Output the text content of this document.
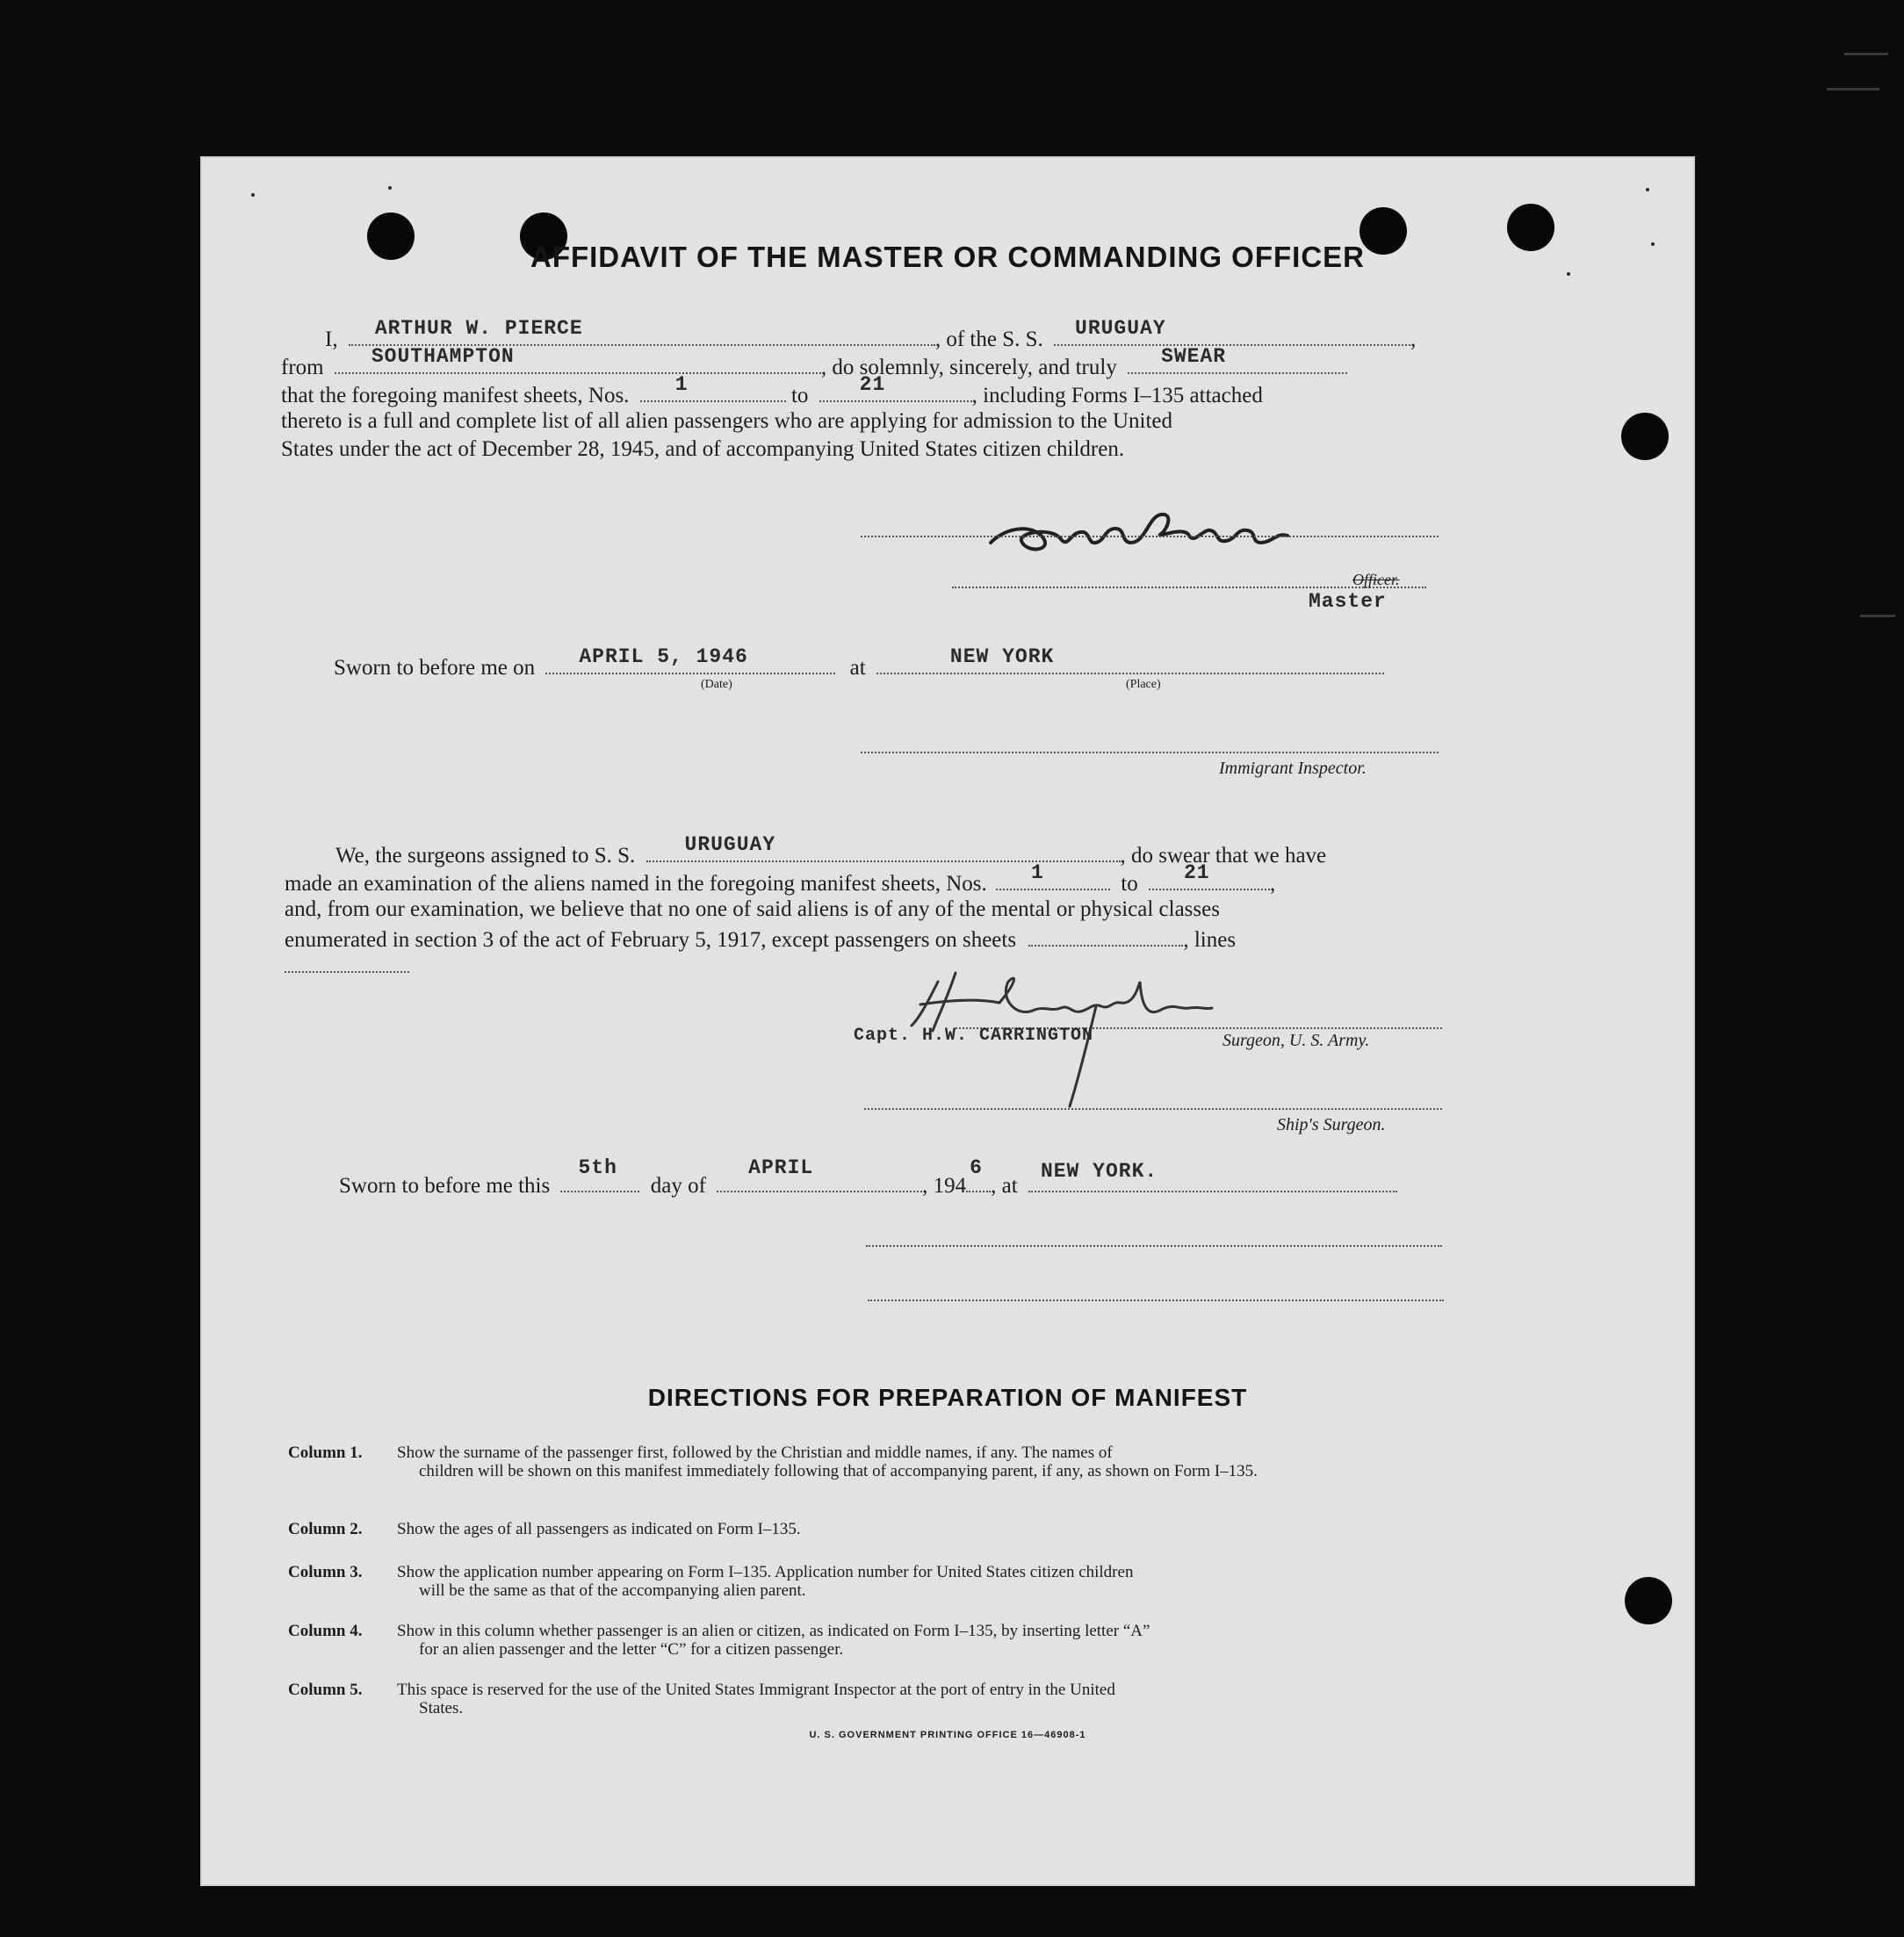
AFFIDAVIT OF THE MASTER OR COMMANDING OFFICER
I, ARTHUR W. PIERCE	, of the S. S. URUGUAY	,
from SOUTHAMPTON	, do solemnly, sincerely, and truly SWEAR
that the foregoing manifest sheets, Nos. 1	to	21	, including Forms I–135 attached
thereto is a full and complete list of all alien passengers who are applying for admission to the United
States under the act of December 28, 1945, and of accompanying United States citizen children.
Officer.
Master
Sworn to before me on APRIL 5, 1946	at	NEW YORK
(Date)	(Place)
Immigrant Inspector.
We, the surgeons assigned to S. S. URUGUAY	, do swear that we have
made an examination of the aliens named in the foregoing manifest sheets, Nos. 1	to 21	,
and, from our examination, we believe that no one of said aliens is of any of the mental or physical classes
enumerated in section 3 of the act of February 5, 1917, except passengers on sheets	, lines
Capt. H.W. CARRINGTON	Surgeon, U. S. Army.
Ship's Surgeon.
Sworn to before me this
5th
day of
APRIL
, 194
6
, at
NEW YORK.
DIRECTIONS FOR PREPARATION OF MANIFEST
Column 1.	Show the surname of the passenger first, followed by the Christian and middle names, if any. The names of
children will be shown on this manifest immediately following that of accompanying parent, if any, as shown on Form I–135.
Column 2.	Show the ages of all passengers as indicated on Form I–135.
Column 3.	Show the application number appearing on Form I–135. Application number for United States citizen children
will be the same as that of the accompanying alien parent.
Column 4.	Show in this column whether passenger is an alien or citizen, as indicated on Form I–135, by inserting letter “A”
for an alien passenger and the letter “C” for a citizen passenger.
Column 5.	This space is reserved for the use of the United States Immigrant Inspector at the port of entry in the United
States.
U. S. GOVERNMENT PRINTING OFFICE 16—46908-1
